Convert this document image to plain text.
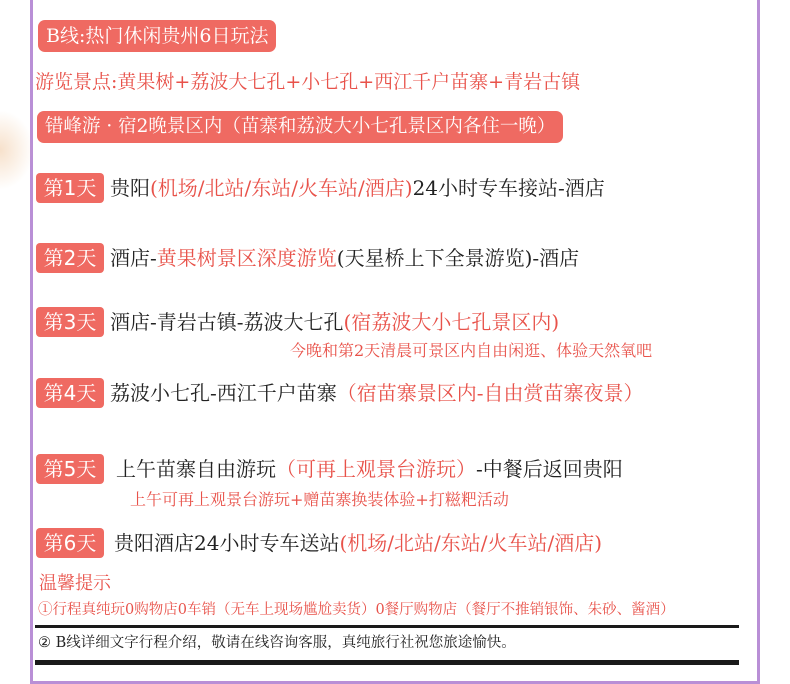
B线:热门休闲贵州6日玩法
游览景点:黄果树+荔波大七孔+小七孔+西江千户苗寨+青岩古镇
错峰游 · 宿2晚景区内（苗寨和荔波大小七孔景区内各住一晚）
第1天 贵阳(机场/北站/东站/火车站/酒店)24小时专车接站-酒店
第2天 酒店-黄果树景区深度游览(天星桥上下全景游览)-酒店
第3天 酒店-青岩古镇-荔波大七孔(宿荔波大小七孔景区内)
今晚和第2天清晨可景区内自由闲逛、体验天然氧吧
第4天 荔波小七孔-西江千户苗寨（宿苗寨景区内-自由赏苗寨夜景）
第5天 上午苗寨自由游玩（可再上观景台游玩）-中餐后返回贵阳
上午可再上观景台游玩+赠苗寨换装体验+打糍粑活动
第6天 贵阳酒店24小时专车送站(机场/北站/东站/火车站/酒店)
温馨提示
①行程真纯玩0购物店0车销（无车上现场尴尬卖货）0餐厅购物店（餐厅不推销银饰、朱砂、酱酒）
② B线详细文字行程介绍，敬请在线咨询客服，真纯旅行社祝您旅途愉快。
